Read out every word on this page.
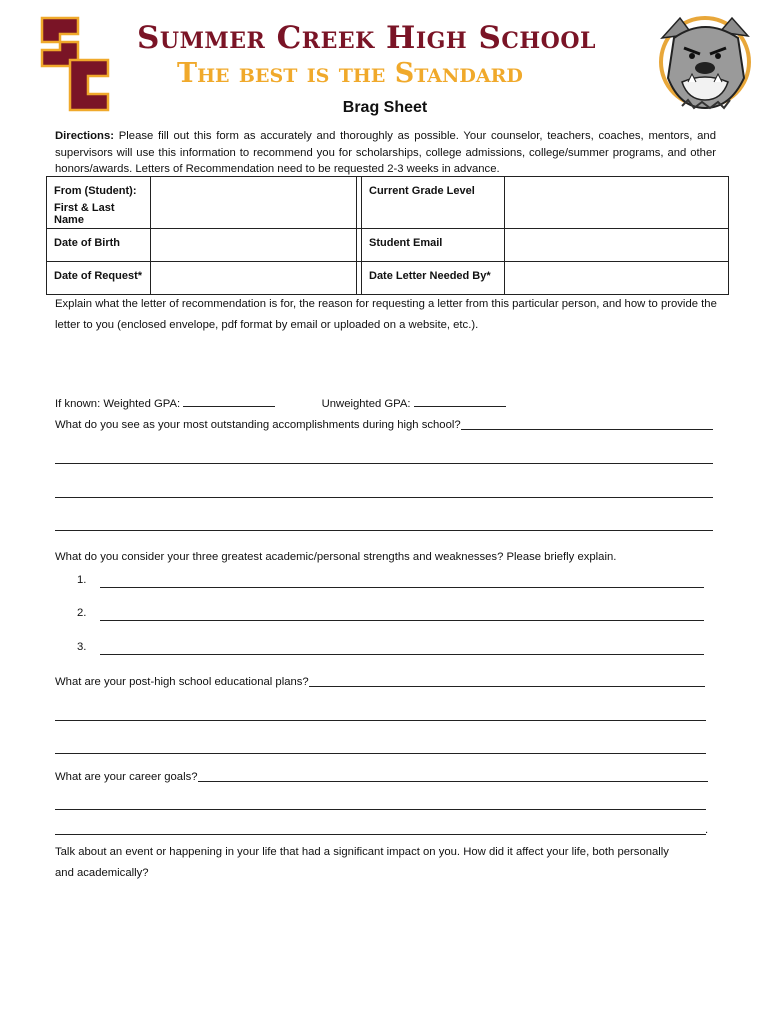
Summer Creek High School
The best is the Standard
Brag Sheet
Directions: Please fill out this form as accurately and thoroughly as possible. Your counselor, teachers, coaches, mentors, and supervisors will use this information to recommend you for scholarships, college admissions, college/summer programs, and other honors/awards. Letters of Recommendation need to be requested 2-3 weeks in advance.
From (Student):
First & Last Name			Current Grade Level	
Date of Birth			Student Email	
Date of Request*			Date Letter Needed By*	
Explain what the letter of recommendation is for, the reason for requesting a letter from this particular person, and how to provide the letter to you (enclosed envelope, pdf format by email or uploaded on a website, etc.).
If known: Weighted GPA:	Unweighted GPA:
What do you see as your most outstanding accomplishments during high school?
What do you consider your three greatest academic/personal strengths and weaknesses? Please briefly explain.
1.
2.
3.
What are your post-high school educational plans?
What are your career goals?
.
Talk about an event or happening in your life that had a significant impact on you. How did it affect your life, both personally and academically?
